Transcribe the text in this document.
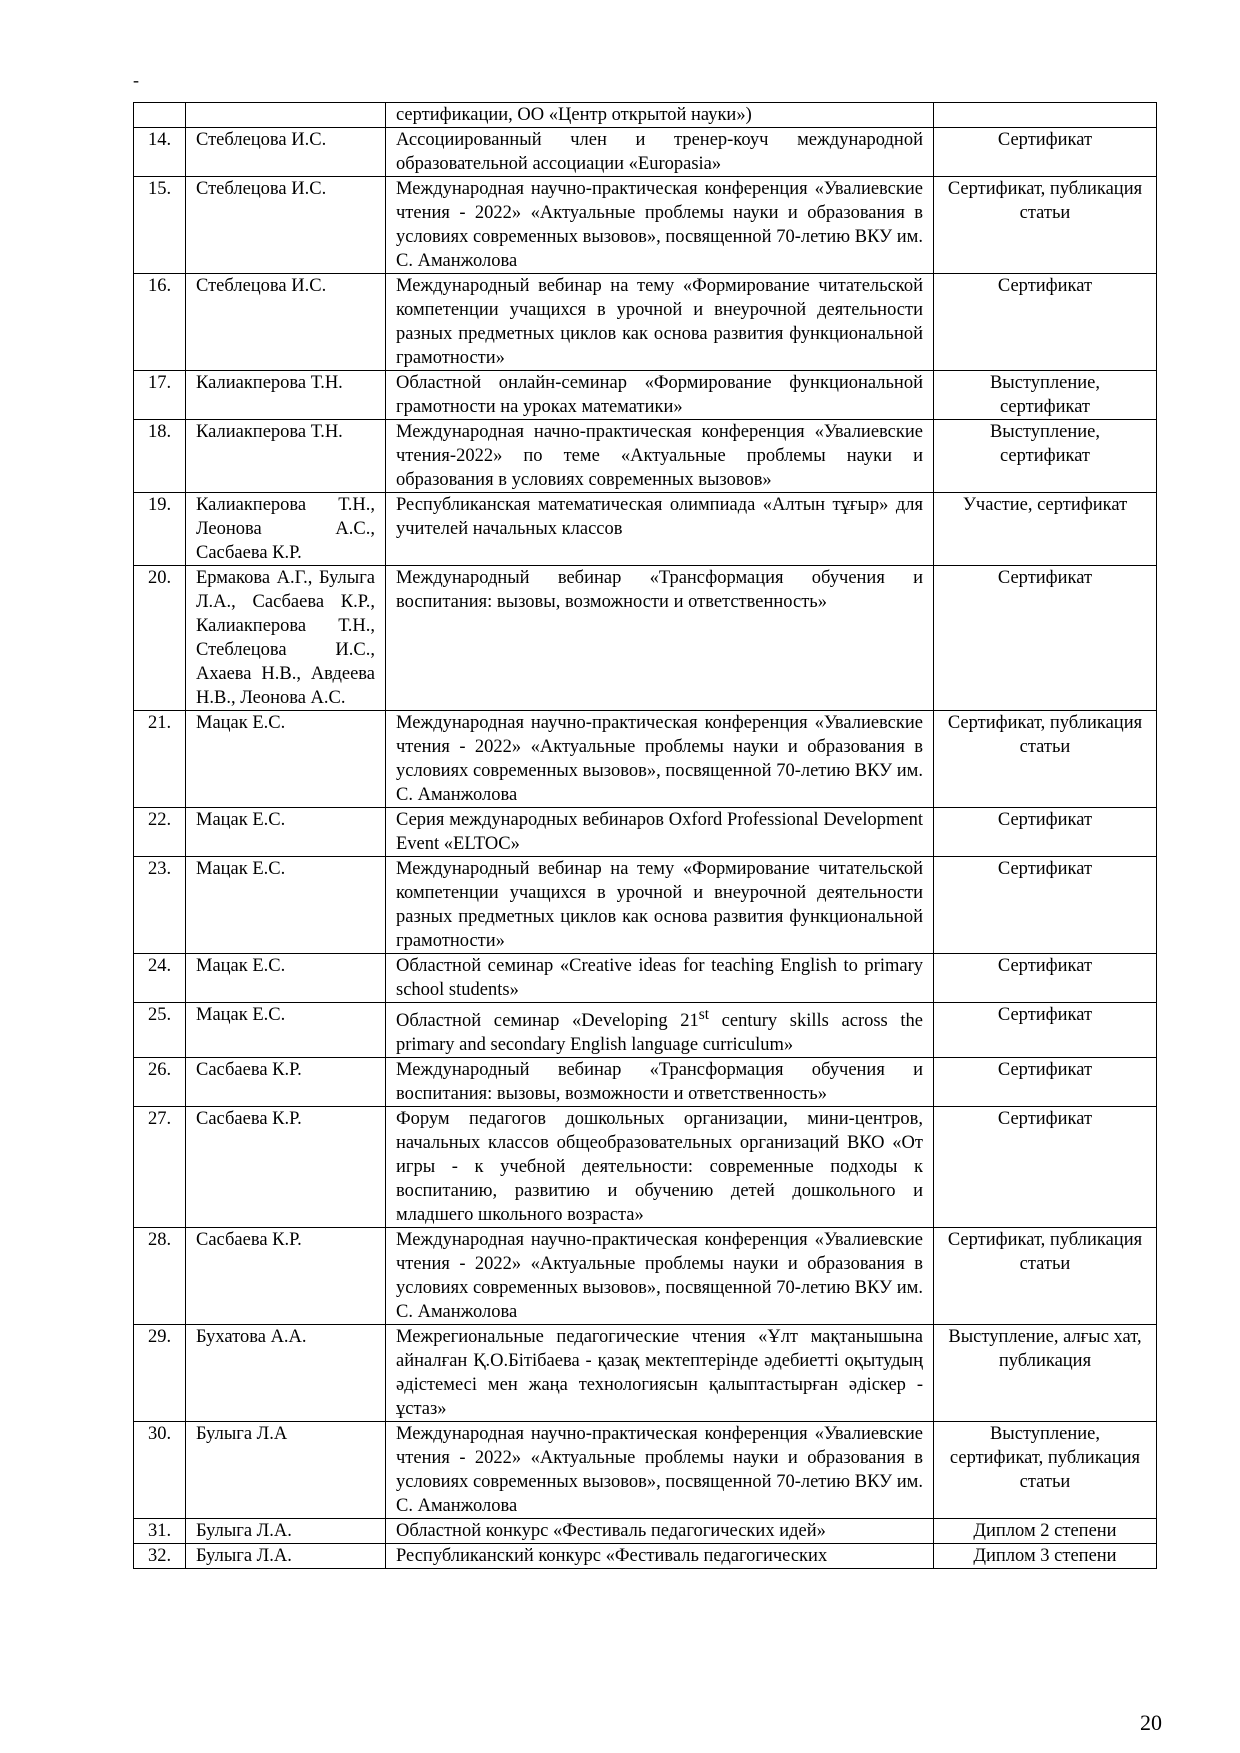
-
		сертификации, ОО «Центр открытой науки»)	
14.	Стеблецова И.С.	Ассоциированный член и тренер-коуч международной образовательной ассоциации «Europasia»	Сертификат
15.	Стеблецова И.С.	Международная научно-практическая конференция «Увалиевские чтения - 2022» «Актуальные проблемы науки и образования в условиях современных вызовов», посвященной 70-летию ВКУ им. С. Аманжолова	Сертификат, публикация статьи
16.	Стеблецова И.С.	Международный вебинар на тему «Формирование читательской компетенции учащихся в урочной и внеурочной деятельности разных предметных циклов как основа развития функциональной грамотности»	Сертификат
17.	Калиакперова Т.Н.	Областной онлайн-семинар «Формирование функциональной грамотности на уроках математики»	Выступление, сертификат
18.	Калиакперова Т.Н.	Международная начно-практическая конференция «Увалиевские чтения-2022» по теме «Актуальные проблемы науки и образования в условиях современных вызовов»	Выступление, сертификат
19.	Калиакперова Т.Н., Леонова А.С., Сасбаева К.Р.	Республиканская математическая олимпиада «Алтын тұғыр» для учителей начальных классов	Участие, сертификат
20.	Ермакова А.Г., Булыга Л.А., Сасбаева К.Р., Калиакперова Т.Н., Стеблецова И.С., Ахаева Н.В., Авдеева Н.В., Леонова А.С.	Международный вебинар «Трансформация обучения и воспитания: вызовы, возможности и ответственность»	Сертификат
21.	Мацак Е.С.	Международная научно-практическая конференция «Увалиевские чтения - 2022» «Актуальные проблемы науки и образования в условиях современных вызовов», посвященной 70-летию ВКУ им. С. Аманжолова	Сертификат, публикация статьи
22.	Мацак Е.С.	Серия международных вебинаров Oxford Professional Development Event «ELTOC»	Сертификат
23.	Мацак Е.С.	Международный вебинар на тему «Формирование читательской компетенции учащихся в урочной и внеурочной деятельности разных предметных циклов как основа развития функциональной грамотности»	Сертификат
24.	Мацак Е.С.	Областной семинар «Creative ideas for teaching English to primary school students»	Сертификат
25.	Мацак Е.С.	Областной семинар «Developing 21st century skills across the primary and secondary English language curriculum»	Сертификат
26.	Сасбаева К.Р.	Международный вебинар «Трансформация обучения и воспитания: вызовы, возможности и ответственность»	Сертификат
27.	Сасбаева К.Р.	Форум педагогов дошкольных организации, мини-центров, начальных классов общеобразовательных организаций ВКО «От игры - к учебной деятельности: современные подходы к воспитанию, развитию и обучению детей дошкольного и младшего школьного возраста»	Сертификат
28.	Сасбаева К.Р.	Международная научно-практическая конференция «Увалиевские чтения - 2022» «Актуальные проблемы науки и образования в условиях современных вызовов», посвященной 70-летию ВКУ им. С. Аманжолова	Сертификат, публикация статьи
29.	Бухатова А.А.	Межрегиональные педагогические чтения «Ұлт мақтанышына айналған Қ.О.Бітібаева - қазақ мектептерінде әдебиетті оқытудың әдістемесі мен жаңа технологиясын қалыптастырған әдіскер - ұстаз»	Выступление, алғыс хат, публикация
30.	Булыга Л.А	Международная научно-практическая конференция «Увалиевские чтения - 2022» «Актуальные проблемы науки и образования в условиях современных вызовов», посвященной 70-летию ВКУ им. С. Аманжолова	Выступление, сертификат, публикация статьи
31.	Булыга Л.А.	Областной конкурс «Фестиваль педагогических идей»	Диплом 2 степени
32.	Булыга Л.А.	Республиканский конкурс «Фестиваль педагогических	Диплом 3 степени
20
